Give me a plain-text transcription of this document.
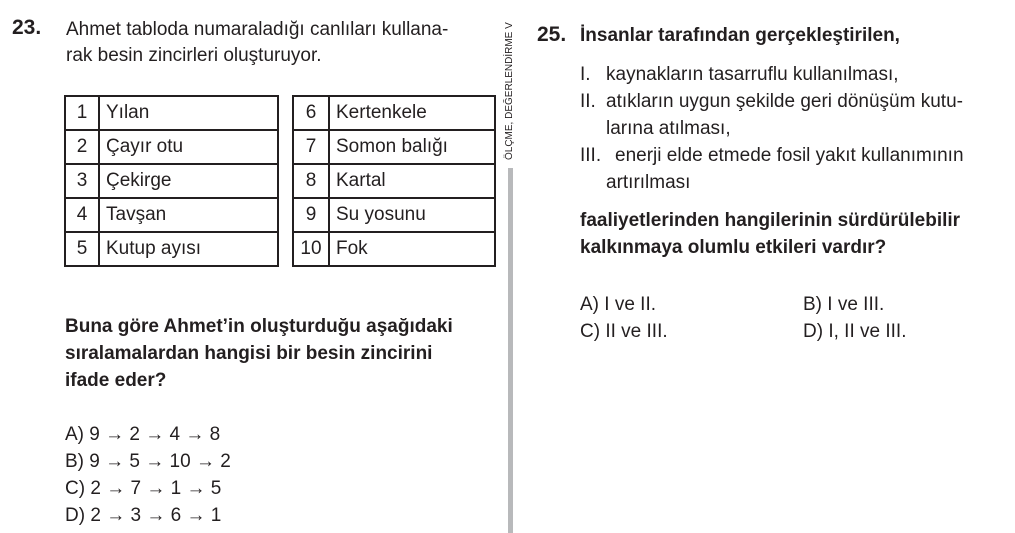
23. Ahmet tabloda numaraladığı canlıları kullana-
rak besin zincirleri oluşturuyor.
1	Yılan
2	Çayır otu
3	Çekirge
4	Tavşan
5	Kutup ayısı
6	Kertenkele
7	Somon balığı
8	Kartal
9	Su yosunu
10	Fok
Buna göre Ahmet’in oluşturduğu aşağıdaki
sıralamalardan hangisi bir besin zincirini
ifade eder?
A) 9 → 2 → 4 → 8
B) 9 → 5 → 10 → 2
C) 2 → 7 → 1 → 5
D) 2 → 3 → 6 → 1
ÖLÇME, DEĞERLENDİRME V 25. İnsanlar tarafından gerçekleştirilen,
I. kaynakların tasarruflu kullanılması,
II. atıkların uygun şekilde geri dönüşüm kutu-
larına atılması,
III. enerji elde etmede fosil yakıt kullanımının
artırılması
faaliyetlerinden hangilerinin sürdürülebilir
kalkınmaya olumlu etkileri vardır?
A) I ve II.	B) I ve III.
C) II ve III.	D) I, II ve III.
